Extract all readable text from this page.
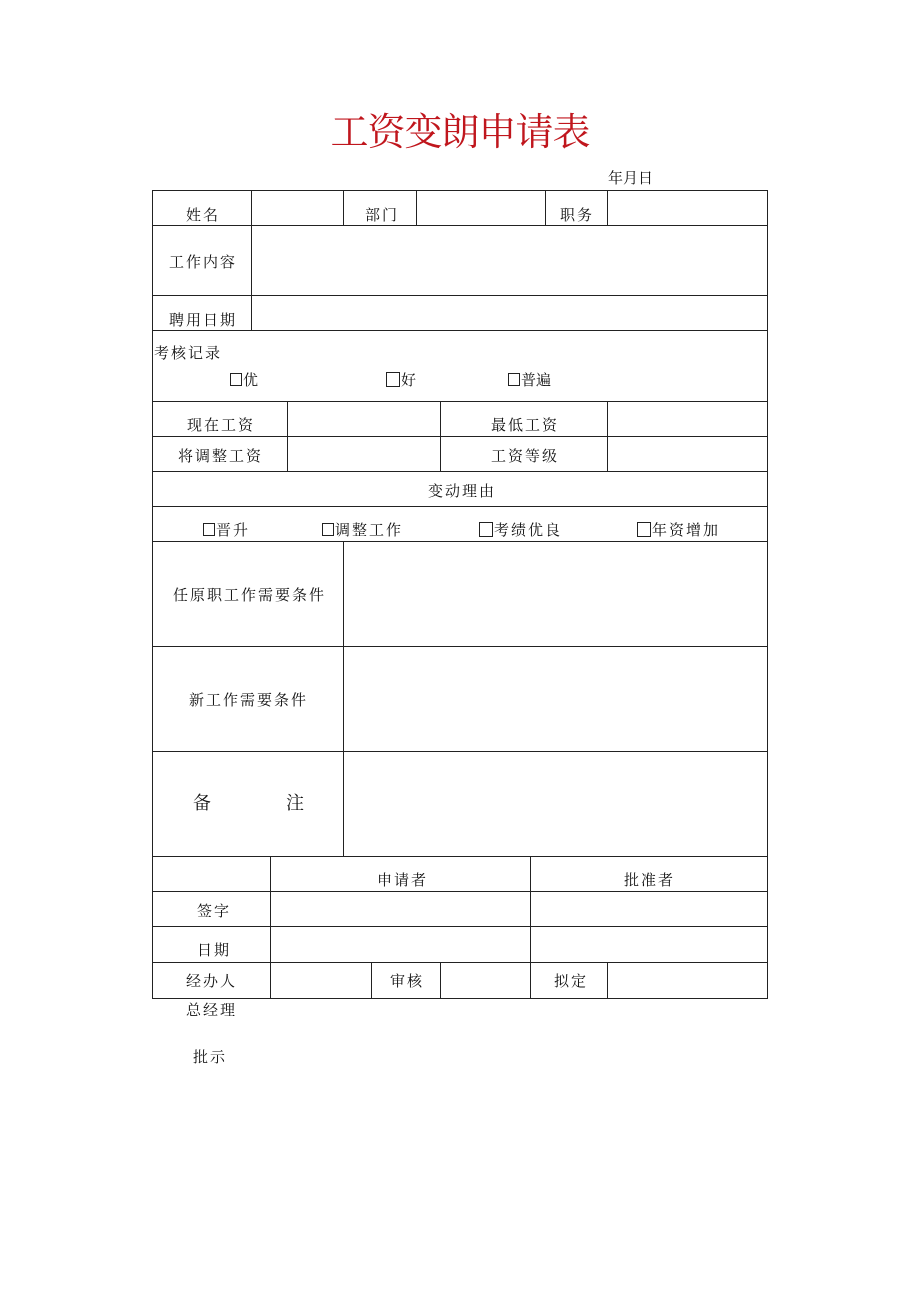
工资变朗申请表
年月日
姓名	部门	职务
工作内容
聘用日期
考核记录
优	好	普遍
现在工资	最低工资
将调整工资	工资等级
变动理由
晋升	调整工作	考绩优良	年资增加
任原职工作需要条件
新工作需要条件
备	注
申请者	批准者
签字
日期
经办人	审核	拟定
总经理
批示
